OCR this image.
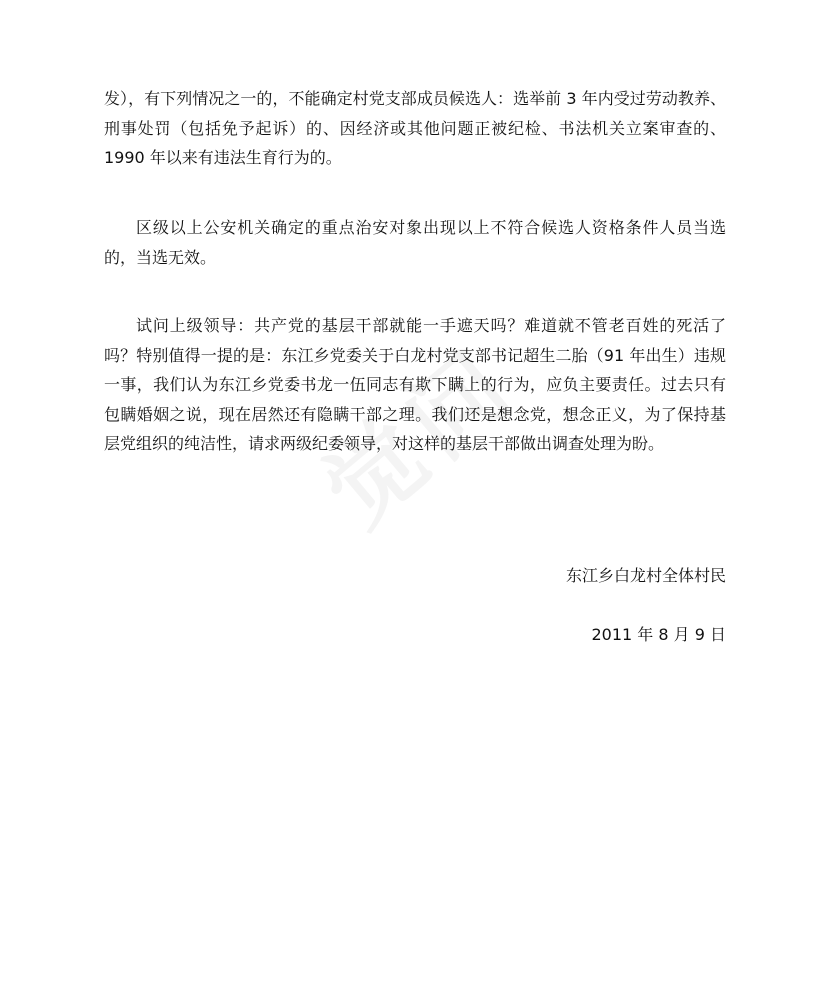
发），有下列情况之一的，不能确定村党支部成员候选人：选举前 3 年内受过劳动教养、刑事处罚（包括免予起诉）的、因经济或其他问题正被纪检、书法机关立案审查的、1990 年以来有违法生育行为的。

区级以上公安机关确定的重点治安对象出现以上不符合候选人资格条件人员当选的，当选无效。

试问上级领导：共产党的基层干部就能一手遮天吗？难道就不管老百姓的死活了吗？特别值得一提的是：东江乡党委关于白龙村党支部书记超生二胎（91 年出生）违规一事，我们认为东江乡党委书龙一伍同志有欺下瞒上的行为，应负主要责任。过去只有包瞒婚姻之说，现在居然还有隐瞒干部之理。我们还是想念党，想念正义，为了保持基层党组织的纯洁性，请求两级纪委领导，对这样的基层干部做出调查处理为盼。

东江乡白龙村全体村民

2011 年 8 月 9 日
